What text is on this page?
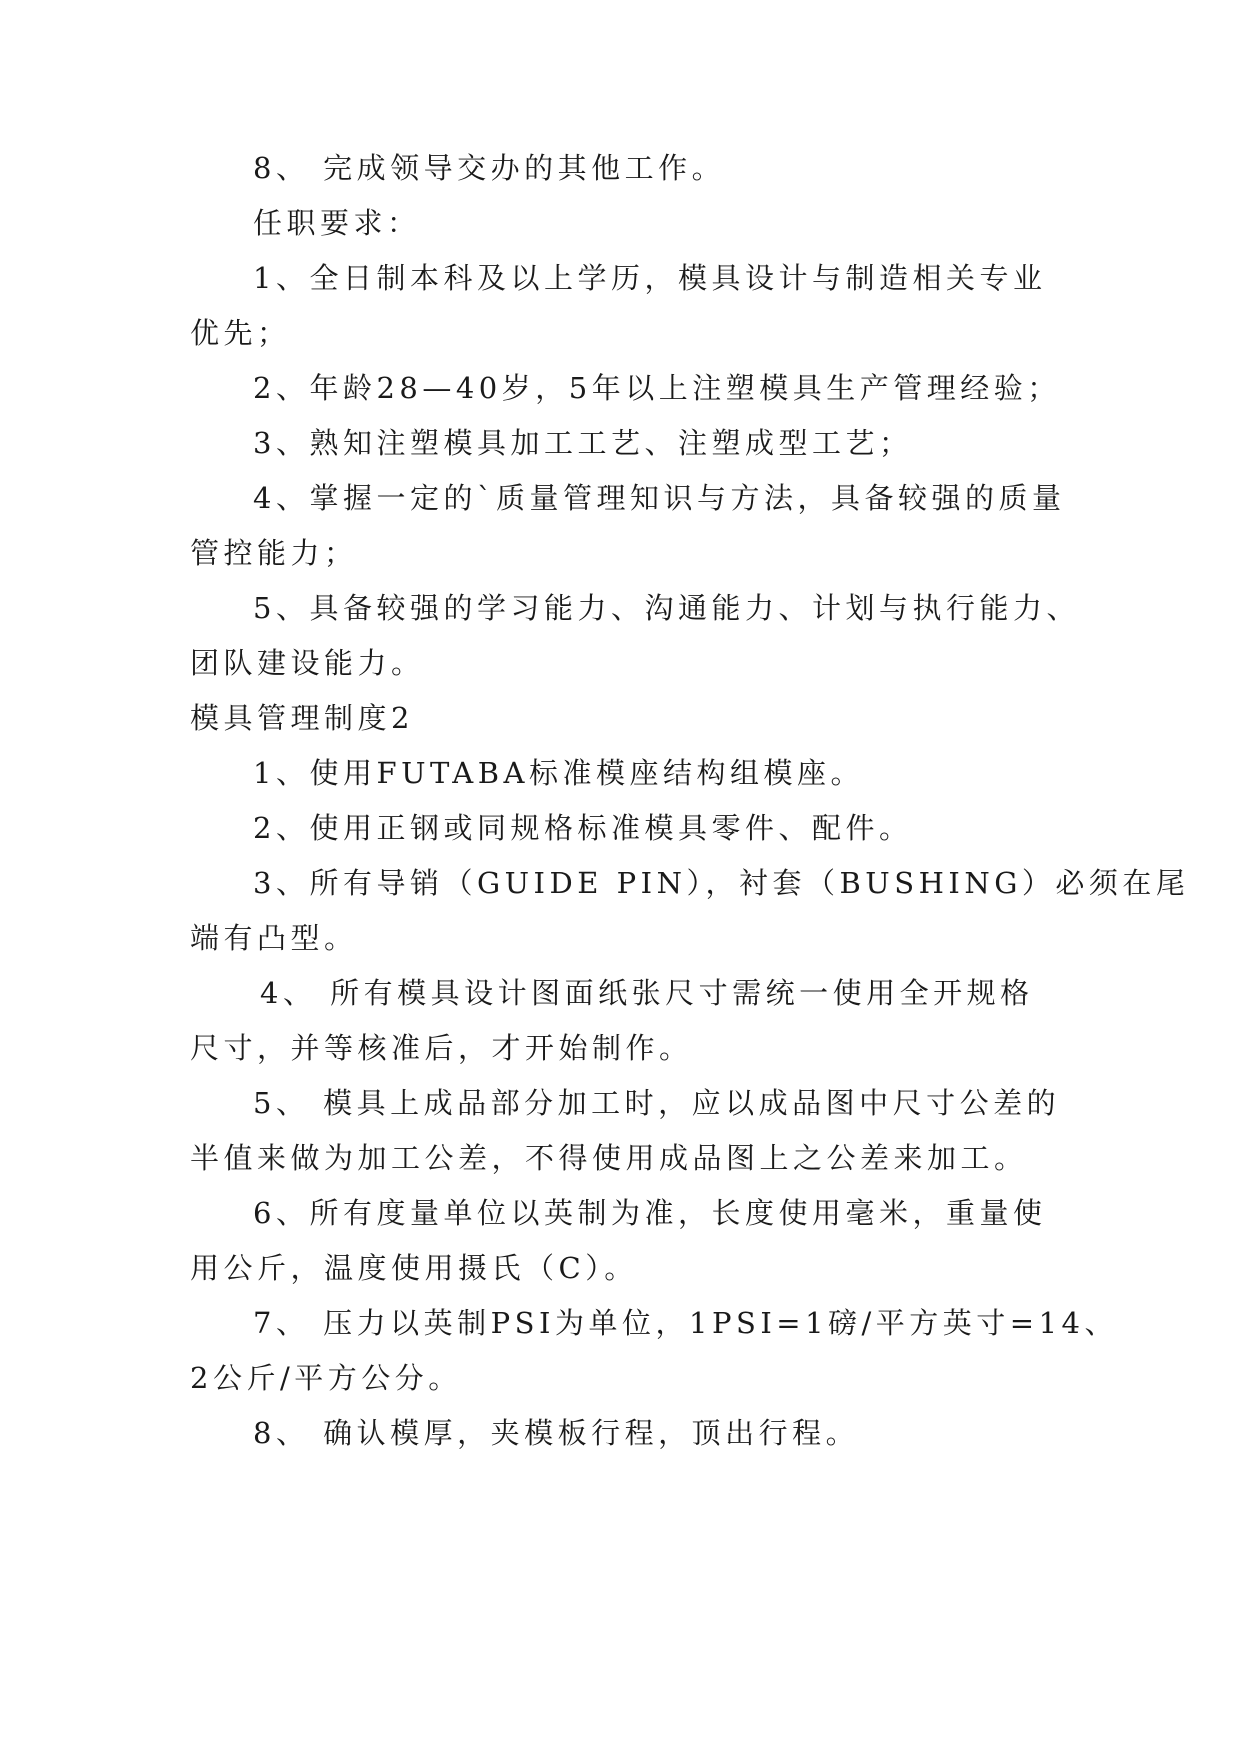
8、 完成领导交办的其他工作。
任职要求：
1、全日制本科及以上学历，模具设计与制造相关专业
优先；
2、年龄28—40岁，5年以上注塑模具生产管理经验；
3、熟知注塑模具加工工艺、注塑成型工艺；
4、掌握一定的`质量管理知识与方法，具备较强的质量
管控能力；
5、具备较强的学习能力、沟通能力、计划与执行能力、
团队建设能力。
模具管理制度2
1、使用FUTABA标准模座结构组模座。
2、使用正钢或同规格标准模具零件、配件。
3、所有导销（GUIDE PIN），衬套（BUSHING）必须在尾
端有凸型。
4、 所有模具设计图面纸张尺寸需统一使用全开规格
尺寸，并等核准后，才开始制作。
5、 模具上成品部分加工时，应以成品图中尺寸公差的
半值来做为加工公差，不得使用成品图上之公差来加工。
6、所有度量单位以英制为准，长度使用毫米，重量使
用公斤，温度使用摄氏（C）。
7、 压力以英制PSI为单位，1PSI=1磅/平方英寸=14、
2公斤/平方公分。
8、 确认模厚，夹模板行程，顶出行程。
